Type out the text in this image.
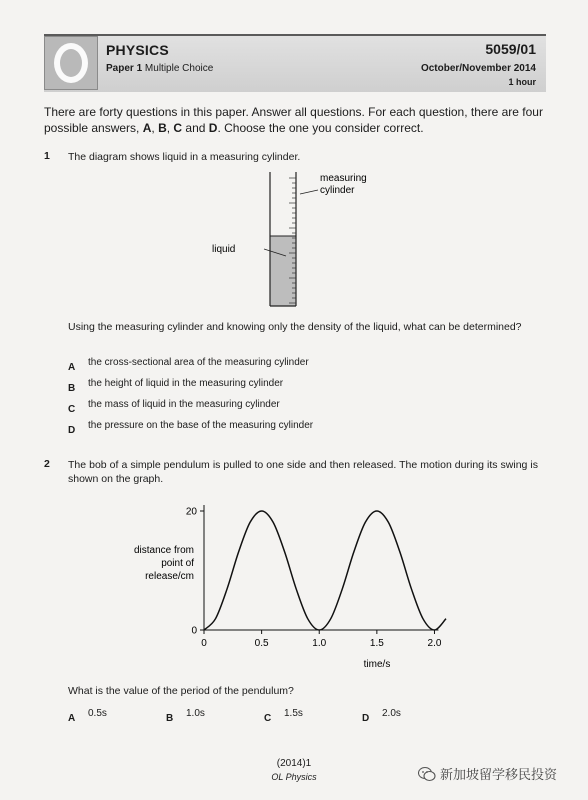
PHYSICS
Paper 1 Multiple Choice
5059/01
October/November 2014
1 hour
There are forty questions in this paper. Answer all questions. For each question, there are four possible answers, A, B, C and D. Choose the one you consider correct.
1 The diagram shows liquid in a measuring cylinder.
measuring
cylinder
liquid
Using the measuring cylinder and knowing only the density of the liquid, what can be determined?
A the cross-sectional area of the measuring cylinder
B the height of liquid in the measuring cylinder
C the mass of liquid in the measuring cylinder
D the pressure on the base of the measuring cylinder
2 The bob of a simple pendulum is pulled to one side and then released. The motion during its swing is shown on the graph.
0
20
0	0.5	1.0	1.5	2.0
distance from
point of
release/cm
time/s
What is the value of the period of the pendulum?
A 0.5s	B 1.0s	C 1.5s	D 2.0s
(2014)1
OL Physics	新加坡留学移民投资
